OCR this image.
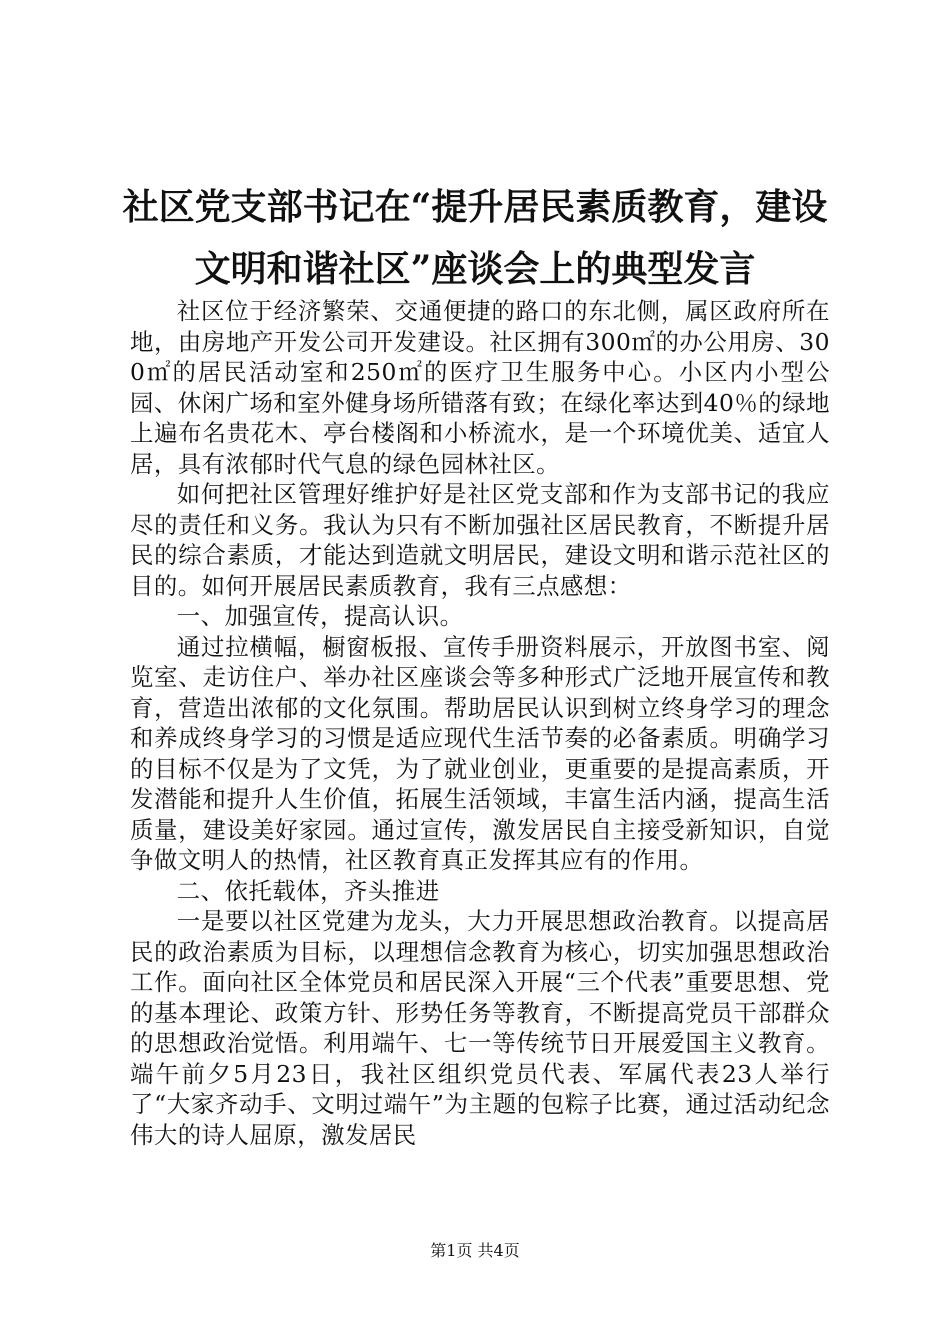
社区党支部书记在“提升居民素质教育，建设
文明和谐社区”座谈会上的典型发言

社区位于经济繁荣、交通便捷的路口的东北侧，属区政府所在地，由房地产开发公司开发建设。社区拥有300㎡的办公用房、300㎡的居民活动室和250㎡的医疗卫生服务中心。小区内小型公园、休闲广场和室外健身场所错落有致；在绿化率达到40％的绿地上遍布名贵花木、亭台楼阁和小桥流水，是一个环境优美、适宜人居，具有浓郁时代气息的绿色园林社区。

如何把社区管理好维护好是社区党支部和作为支部书记的我应尽的责任和义务。我认为只有不断加强社区居民教育，不断提升居民的综合素质，才能达到造就文明居民，建设文明和谐示范社区的目的。如何开展居民素质教育，我有三点感想：

一、加强宣传，提高认识。

通过拉横幅，橱窗板报、宣传手册资料展示，开放图书室、阅览室、走访住户、举办社区座谈会等多种形式广泛地开展宣传和教育，营造出浓郁的文化氛围。帮助居民认识到树立终身学习的理念和养成终身学习的习惯是适应现代生活节奏的必备素质。明确学习的目标不仅是为了文凭，为了就业创业，更重要的是提高素质，开发潜能和提升人生价值，拓展生活领域，丰富生活内涵，提高生活质量，建设美好家园。通过宣传，激发居民自主接受新知识，自觉争做文明人的热情，社区教育真正发挥其应有的作用。

二、依托载体，齐头推进

一是要以社区党建为龙头，大力开展思想政治教育。以提高居民的政治素质为目标，以理想信念教育为核心，切实加强思想政治工作。面向社区全体党员和居民深入开展“三个代表”重要思想、党的基本理论、政策方针、形势任务等教育，不断提高党员干部群众的思想政治觉悟。利用端午、七一等传统节日开展爱国主义教育。端午前夕5月23日，我社区组织党员代表、军属代表23人举行了“大家齐动手、文明过端午”为主题的包粽子比赛，通过活动纪念伟大的诗人屈原，激发居民

第1页 共4页
